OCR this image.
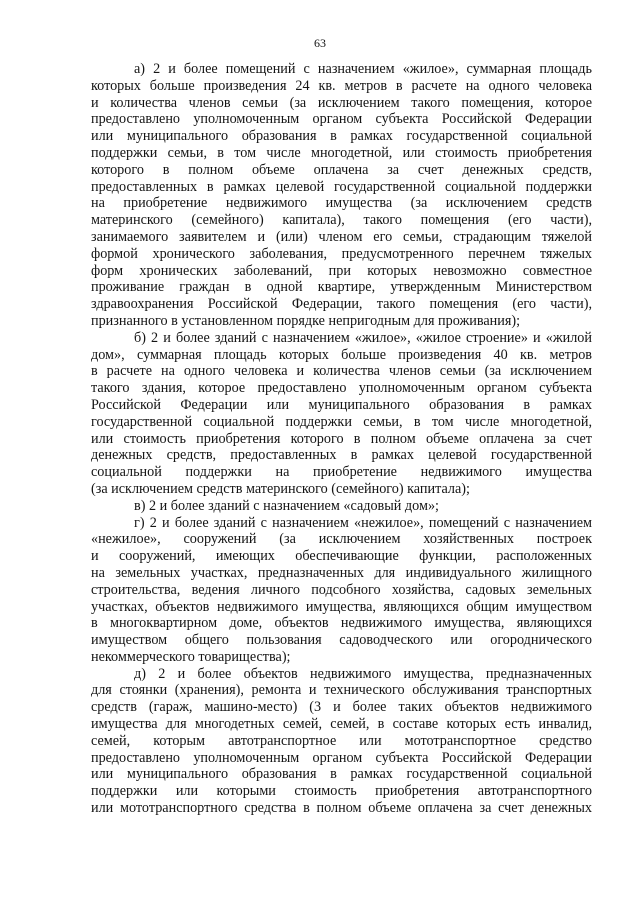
63

а) 2 и более помещений с назначением «жилое», суммарная площадь
которых больше произведения 24 кв. метров в расчете на одного человека
и количества членов семьи (за исключением такого помещения, которое
предоставлено уполномоченным органом субъекта Российской Федерации
или муниципального образования в рамках государственной социальной
поддержки семьи, в том числе многодетной, или стоимость приобретения
которого в полном объеме оплачена за счет денежных средств,
предоставленных в рамках целевой государственной социальной поддержки
на приобретение недвижимого имущества (за исключением средств
материнского (семейного) капитала), такого помещения (его части),
занимаемого заявителем и (или) членом его семьи, страдающим тяжелой
формой хронического заболевания, предусмотренного перечнем тяжелых
форм хронических заболеваний, при которых невозможно совместное
проживание граждан в одной квартире, утвержденным Министерством
здравоохранения Российской Федерации, такого помещения (его части),
признанного в установленном порядке непригодным для проживания);

б) 2 и более зданий с назначением «жилое», «жилое строение» и «жилой
дом», суммарная площадь которых больше произведения 40 кв. метров
в расчете на одного человека и количества членов семьи (за исключением
такого здания, которое предоставлено уполномоченным органом субъекта
Российской Федерации или муниципального образования в рамках
государственной социальной поддержки семьи, в том числе многодетной,
или стоимость приобретения которого в полном объеме оплачена за счет
денежных средств, предоставленных в рамках целевой государственной
социальной поддержки на приобретение недвижимого имущества
(за исключением средств материнского (семейного) капитала);

в) 2 и более зданий с назначением «садовый дом»;

г) 2 и более зданий с назначением «нежилое», помещений с назначением
«нежилое», сооружений (за исключением хозяйственных построек
и сооружений, имеющих обеспечивающие функции, расположенных
на земельных участках, предназначенных для индивидуального жилищного
строительства, ведения личного подсобного хозяйства, садовых земельных
участках, объектов недвижимого имущества, являющихся общим имуществом
в многоквартирном доме, объектов недвижимого имущества, являющихся
имуществом общего пользования садоводческого или огороднического
некоммерческого товарищества);

д) 2 и более объектов недвижимого имущества, предназначенных
для стоянки (хранения), ремонта и технического обслуживания транспортных
средств (гараж, машино-место) (3 и более таких объектов недвижимого
имущества для многодетных семей, семей, в составе которых есть инвалид,
семей, которым автотранспортное или мототранспортное средство
предоставлено уполномоченным органом субъекта Российской Федерации
или муниципального образования в рамках государственной социальной
поддержки или которыми стоимость приобретения автотранспортного
или мототранспортного средства в полном объеме оплачена за счет денежных
